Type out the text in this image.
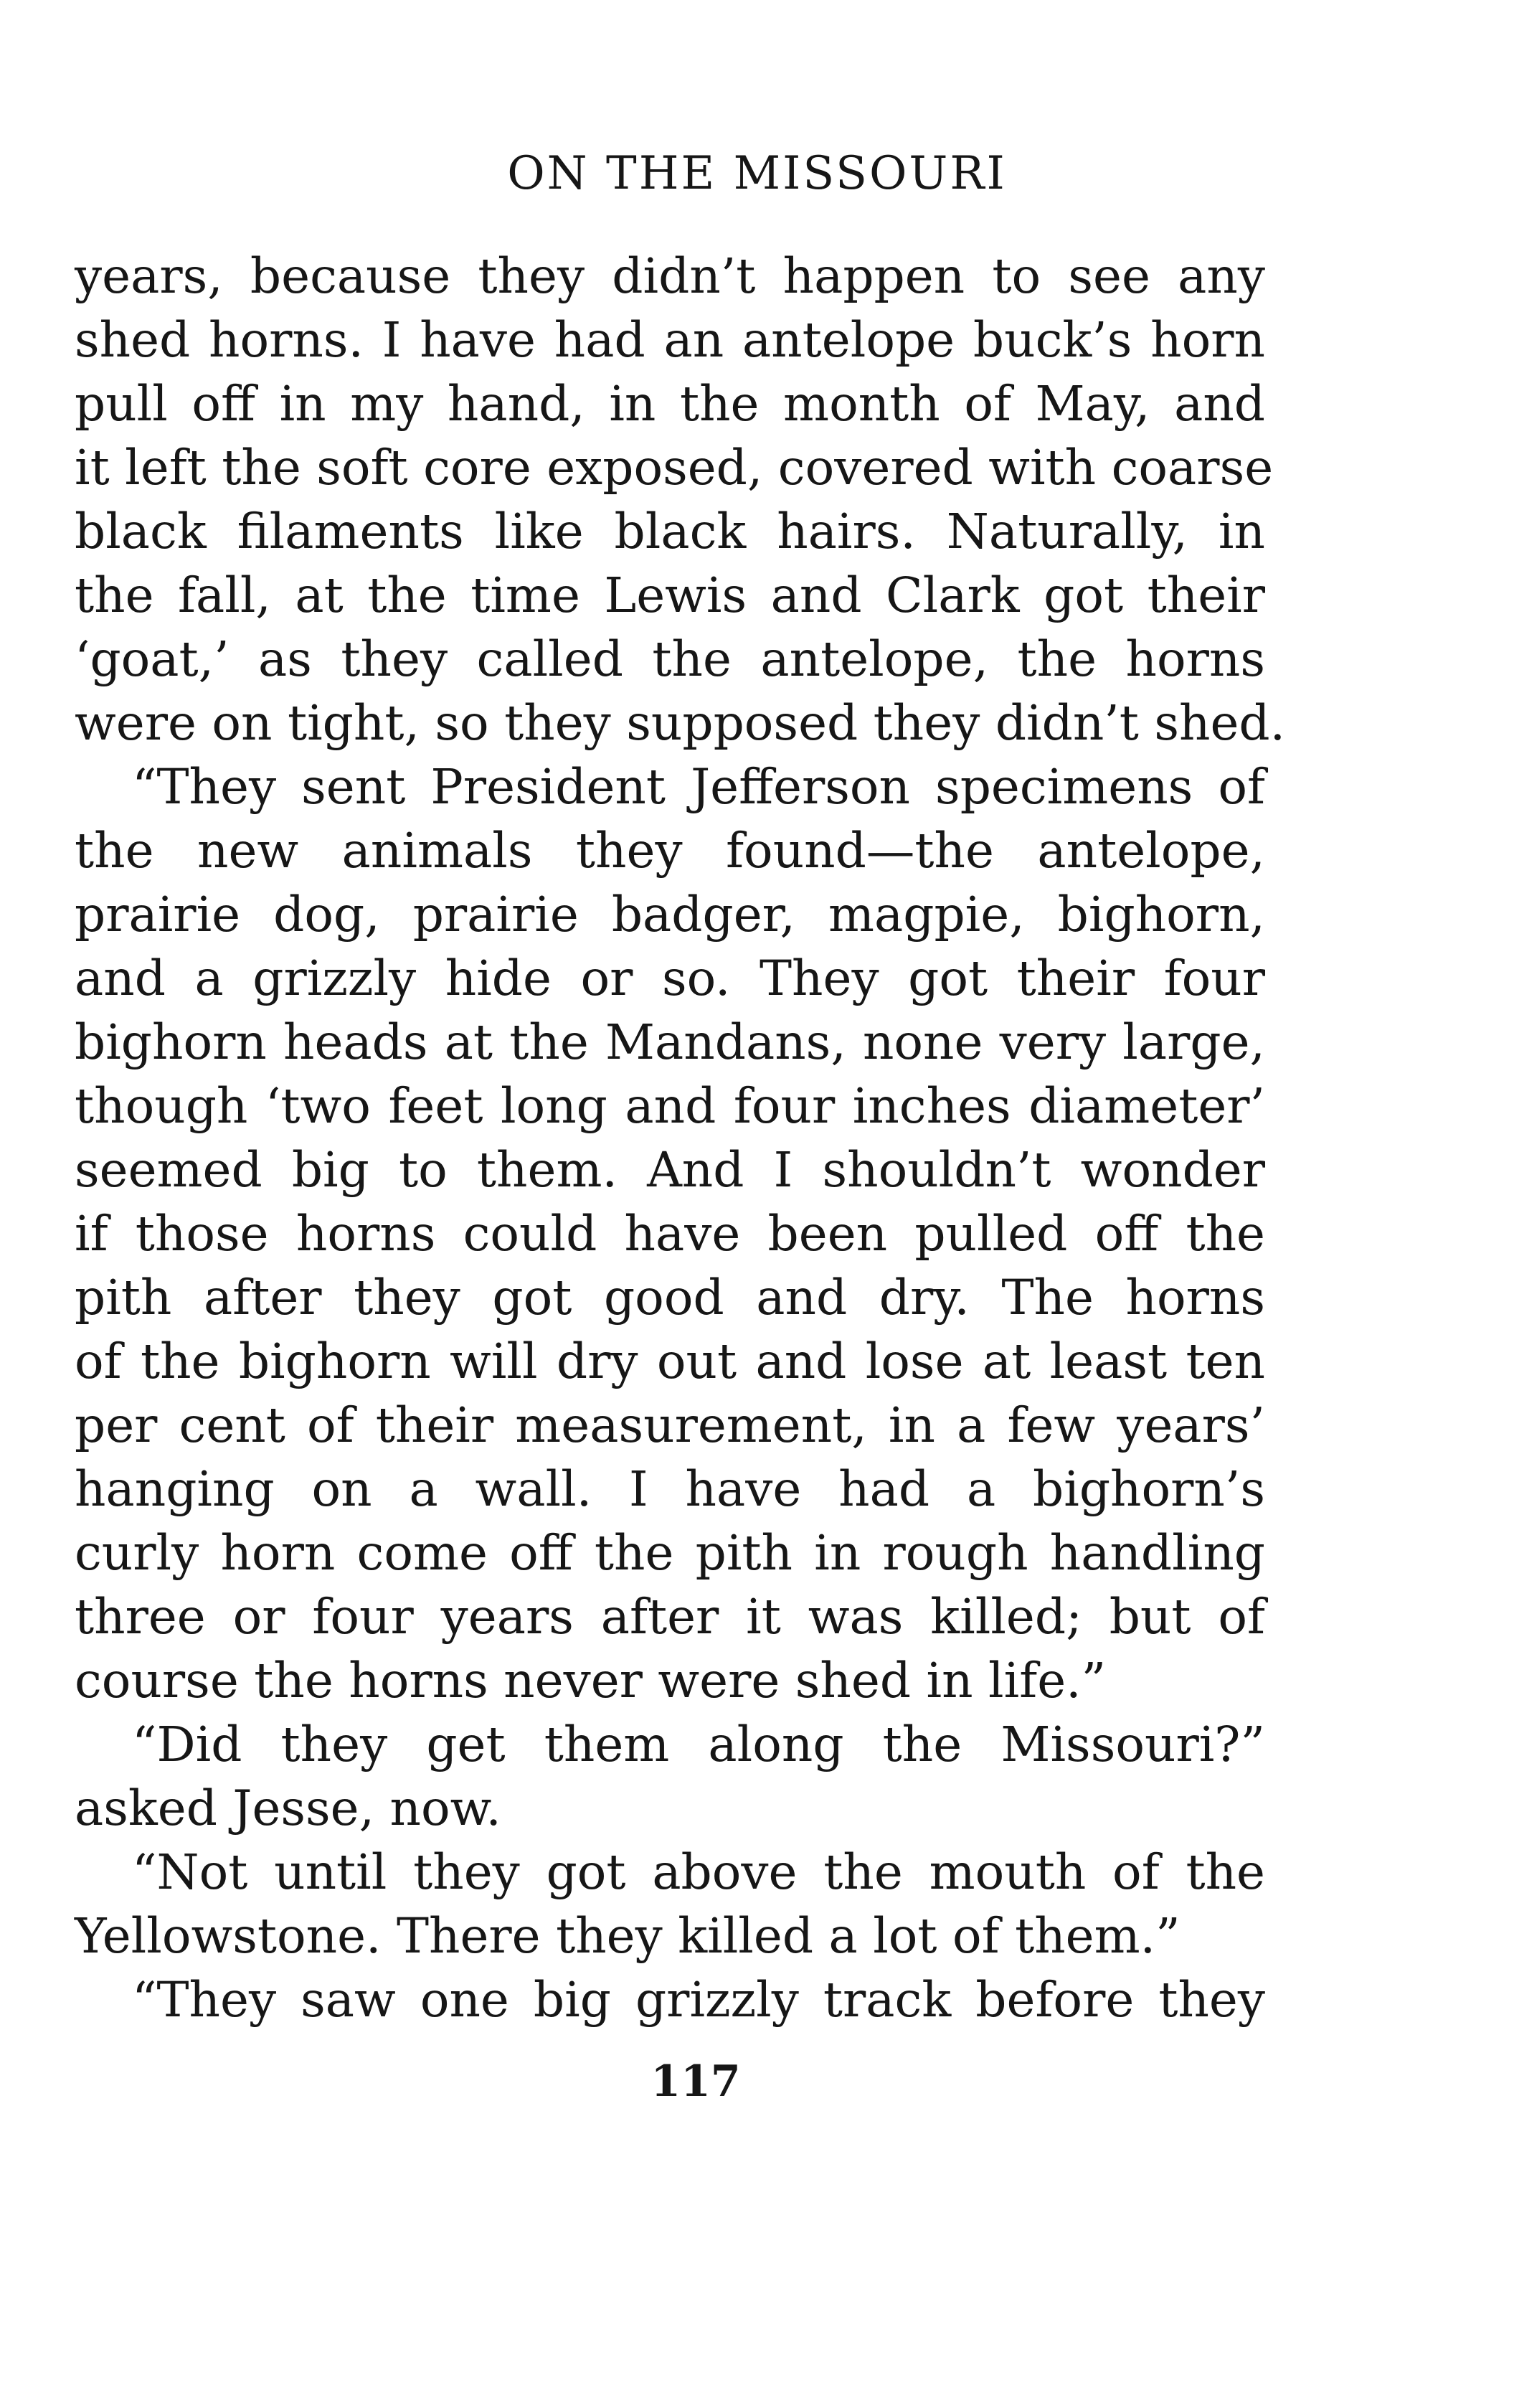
ON THE MISSOURI
years, because they didn’t happen to see any
shed horns. I have had an antelope buck’s horn
pull off in my hand, in the month of May, and
it left the soft core exposed, covered with coarse
black filaments like black hairs. Naturally, in
the fall, at the time Lewis and Clark got their
‘goat,’ as they called the antelope, the horns
were on tight, so they supposed they didn’t shed.
“They sent President Jefferson specimens of
the new animals they found—the antelope,
prairie dog, prairie badger, magpie, bighorn,
and a grizzly hide or so. They got their four
bighorn heads at the Mandans, none very large,
though ‘two feet long and four inches diameter’
seemed big to them. And I shouldn’t wonder
if those horns could have been pulled off the
pith after they got good and dry. The horns
of the bighorn will dry out and lose at least ten
per cent of their measurement, in a few years’
hanging on a wall. I have had a bighorn’s
curly horn come off the pith in rough handling
three or four years after it was killed; but of
course the horns never were shed in life.”
“Did they get them along the Missouri?”
asked Jesse, now.
“Not until they got above the mouth of the
Yellowstone. There they killed a lot of them.”
“They saw one big grizzly track before they
117
